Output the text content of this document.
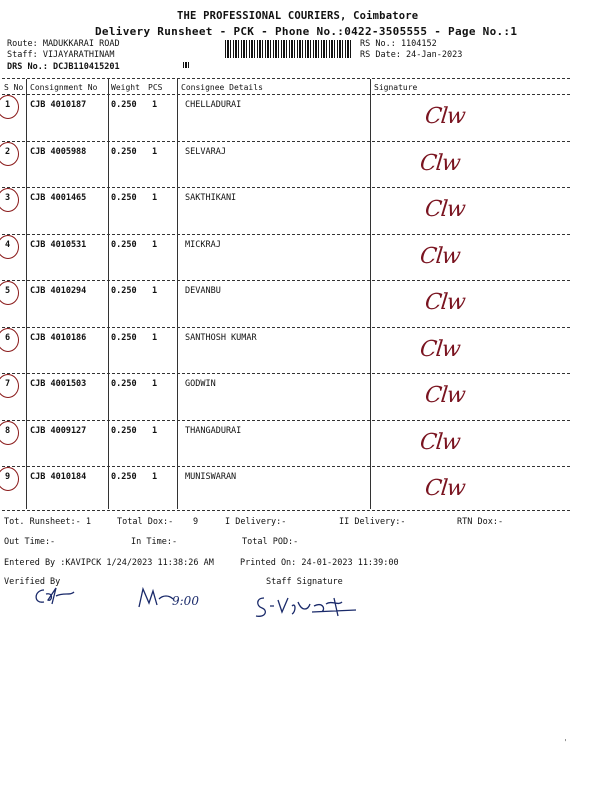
THE PROFESSIONAL COURIERS, Coimbatore
Delivery Runsheet - PCK - Phone No.:0422-3505555 - Page No.:1
Route: MADUKKARAI ROAD
Staff: VIJAYARATHINAM
DRS No.: DCJB110415201
RS No.: 1104152
RS Date: 24-Jan-2023
S No Consignment No Weight PCS Consignee Details	Signature
1 CJB 4010187	0.250 1	CHELLADURAI	Clw
2 CJB 4005988	0.250 1	SELVARAJ	Clw
3 CJB 4001465	0.250 1	SAKTHIKANI	Clw
4 CJB 4010531	0.250 1	MICKRAJ	Clw
5 CJB 4010294	0.250 1	DEVANBU	Clw
6 CJB 4010186	0.250 1	SANTHOSH KUMAR	Clw
7 CJB 4001503	0.250 1	GODWIN	Clw
8 CJB 4009127	0.250 1	THANGADURAI	Clw
9 CJB 4010184	0.250 1	MUNISWARAN	Clw
Tot. Runsheet:- 1	Total Dox:- 9	I Delivery:-	II Delivery:-	RTN Dox:-
Out Time:-	In Time:-	Total POD:-
Entered By :KAVIPCK 1/24/2023 11:38:26 AM	Printed On: 24-01-2023 11:39:00
Verified By	Staff Signature
9:00
'
